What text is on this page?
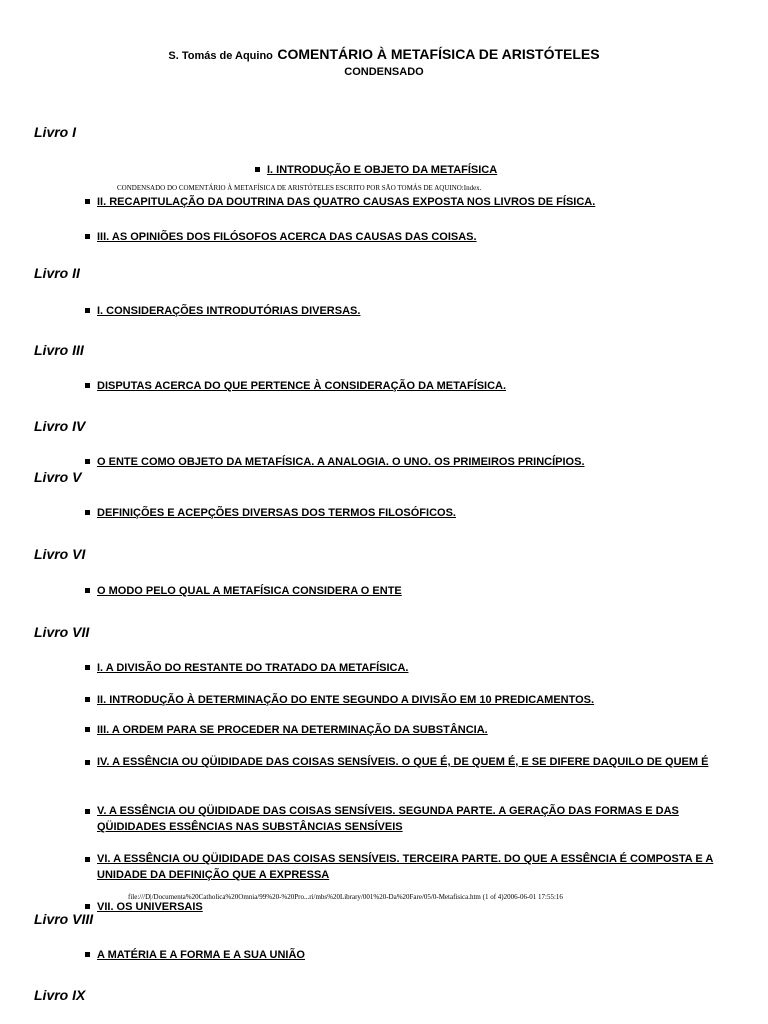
S. Tomás de Aquino COMENTÁRIO À METAFÍSICA DE ARISTÓTELES
CONDENSADO
Livro I
I. INTRODUÇÃO E OBJETO DA METAFÍSICA
CONDENSADO DO COMENTÁRIO À METAFÍSICA DE ARISTÓTELES ESCRITO POR SÃO TOMÁS DE AQUINO:Index.
II. RECAPITULAÇÃO DA DOUTRINA DAS QUATRO CAUSAS EXPOSTA NOS LIVROS DE FÍSICA.
III. AS OPINIÕES DOS FILÓSOFOS ACERCA DAS CAUSAS DAS COISAS.
Livro II
I. CONSIDERAÇÕES INTRODUTÓRIAS DIVERSAS.
Livro III
DISPUTAS ACERCA DO QUE PERTENCE À CONSIDERAÇÃO DA METAFÍSICA.
Livro IV
O ENTE COMO OBJETO DA METAFÍSICA. A ANALOGIA. O UNO. OS PRIMEIROS PRINCÍPIOS.
Livro V
DEFINIÇÕES E ACEPÇÕES DIVERSAS DOS TERMOS FILOSÓFICOS.
Livro VI
O MODO PELO QUAL A METAFÍSICA CONSIDERA O ENTE
Livro VII
I. A DIVISÃO DO RESTANTE DO TRATADO DA METAFÍSICA.
II. INTRODUÇÃO À DETERMINAÇÃO DO ENTE SEGUNDO A DIVISÃO EM 10 PREDICAMENTOS.
III. A ORDEM PARA SE PROCEDER NA DETERMINAÇÃO DA SUBSTÂNCIA.
IV. A ESSÊNCIA OU QÜIDIDADE DAS COISAS SENSÍVEIS. O QUE É, DE QUEM É, E SE DIFERE DAQUILO DE QUEM É
V. A ESSÊNCIA OU QÜIDIDADE DAS COISAS SENSÍVEIS. SEGUNDA PARTE. A GERAÇÃO DAS FORMAS E DAS QÜIDIDADES ESSÊNCIAS NAS SUBSTÂNCIAS SENSÍVEIS
VI. A ESSÊNCIA OU QÜIDIDADE DAS COISAS SENSÍVEIS. TERCEIRA PARTE. DO QUE A ESSÊNCIA É COMPOSTA E A UNIDADE DA DEFINIÇÃO QUE A EXPRESSA
file:///D|/Documenta%20Catholica%20Omnia/99%20-%20Pro...ri/mbs%20Library/001%20-Da%20Fare/05/0-Metafisica.htm (1 of 4)2006-06-01 17:55:16
VII. OS UNIVERSAIS
Livro VIII
A MATÉRIA E A FORMA E A SUA UNIÃO
Livro IX
